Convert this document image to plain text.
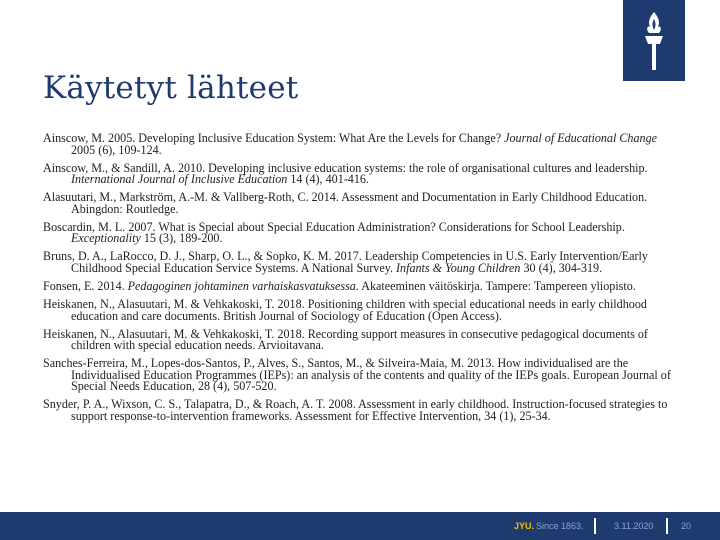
Käytetyt lähteet
Ainscow, M. 2005. Developing Inclusive Education System: What Are the Levels for Change? Journal of Educational Change 2005 (6), 109-124.
Ainscow, M., & Sandill, A. 2010. Developing inclusive education systems: the role of organisational cultures and leadership. International Journal of Inclusive Education 14 (4), 401-416.
Alasuutari, M., Markström, A.-M. & Vallberg-Roth, C. 2014. Assessment and Documentation in Early Childhood Education. Abingdon: Routledge.
Boscardin, M. L. 2007. What is Special about Special Education Administration? Considerations for School Leadership. Exceptionality 15 (3), 189-200.
Bruns, D. A., LaRocco, D. J., Sharp, O. L., & Sopko, K. M. 2017. Leadership Competencies in U.S. Early Intervention/Early Childhood Special Education Service Systems. A National Survey. Infants & Young Children 30 (4), 304-319.
Fonsen, E. 2014. Pedagoginen johtaminen varhaiskasvatuksessa. Akateeminen väitöskirja. Tampere: Tampereen yliopisto.
Heiskanen, N., Alasuutari, M. & Vehkakoski, T. 2018. Positioning children with special educational needs in early childhood education and care documents. British Journal of Sociology of Education (Open Access).
Heiskanen, N., Alasuutari, M. & Vehkakoski, T. 2018. Recording support measures in consecutive pedagogical documents of children with special education needs. Arvioitavana.
Sanches-Ferreira, M., Lopes-dos-Santos, P., Alves, S., Santos, M., & Silveira-Maia, M. 2013. How individualised are the Individualised Education Programmes (IEPs): an analysis of the contents and quality of the IEPs goals. European Journal of Special Needs Education, 28 (4), 507-520.
Snyder, P. A., Wixson, C. S., Talapatra, D., & Roach, A. T. 2008. Assessment in early childhood. Instruction-focused strategies to support response-to-intervention frameworks. Assessment for Effective Intervention, 34 (1), 25-34.
JYU. Since 1863.	3.11.2020	20
